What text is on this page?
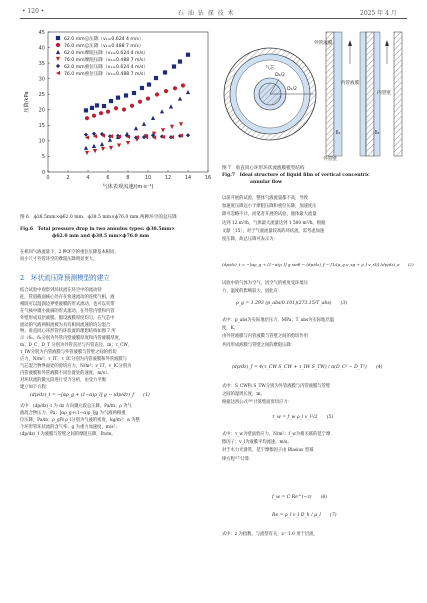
• 120 •	石 油 钻 探 技 术	2025 年 4 月
0	2	4	6	8	10	12	14	16
0
5
10
15
20
25
30
35
40
45
气体表观流速/(m·s⁻¹)
压降/kPa
62.0 mm总压降（v₁=0.624 4 m/s）
76.0 mm总压降（v₁=0.488 7 m/s）
62.0 mm摩阻压降（v₁=0.624 4 m/s）
76.0 mm摩阻压降（v₁=0.488 7 m/s）
62.0 mm重位压降（v₁=0.624 4 m/s）
76.0 mm重位压降（v₁=0.488 7 m/s）
图 6　ϕ38.5mm×ϕ62.0 mm、ϕ38.5 mm×ϕ76.0 mm 两种环空的总压降
Fig.6　Total pressure drop in two annulus types: ϕ38.5mm×
ϕ62.0 mm and ϕ38.5 mm×ϕ76.0 mm
在相同气液流量下，2 种环空的重位压降基本相同，
而小尺寸外管环空的摩阻压降明显更大。
2　环状流压降预测模型的建立
结合试验中观察到环状流在环空中的流动特
征，管道截面核心处存在快速流动的连续气相，液
相既可以湿润边界壁液膜的形式流动，也可以夹带
在气核中微小液滴的形式流动，在外管内壁和内管
外壁形成双层液膜。假设液膜厚度均匀，在气芯中
流动的气液两相流被为具有相同流速的均匀混合
物。垂直同心环形管内环状流的理想结构如图 7 所
示（δ₁、δ₂分别为外管内壁液膜厚度和内管液膜厚度，
m；D_C、D_T 分别为外管直径与内管直径，m；τ_CW、
τ_IW分别为内管液膜与外管液膜与管壁之间的剪切
应力，N/m²；τ_IT、τ_IC分别为内管液膜和外管液膜与
气芯混合物界面处的剪切应力，N/m²；v_IT、v_IC分别为
内管液膜和外管液膜不同位置处的速度，m/s）。
对环状流的微元段进行受力分析，由受力平衡
建立如下方程：
(dp/dz)_t = −[αρ_g + (1−α)ρ_l] g − (dp/dz)_f　　(1)
式中：(dp/dz)_t 为 dz 方向微元段总压降，Pa/m；ρ 为气
液混合物压力，Pa；[αρ_g+(1−α)ρ_l]g 为气液两相重
位压降，Pa/m；ρ_g和 ρ_l分别为气液的密度，kg/m³；α 为整
个环形管环状流的含气率；g 为重力加速度，m/s²；
(dp/dz)_f 为液膜与管壁之间的摩阻压降，Pa/m。
内管液膜
外管液膜
气芯
内管壁
外管壁
D₁/2
D₂/2
δ₁	δ₂
图 7　垂直同心环形环状流液膜模型结构
Fig.7　Ideal structure of liquid film of vertical concentric
annular flow
以前开展的试验，整体气液流量都不高，导致
加速度压降远小于摩阻压降和重位压降，加速度压
降可忽略不计。而笔者开展的试验，液体最大流量
达到 12 m³/h，气体最大流量达到 1 500 m³/h。根据
文献［15］，对于气液流量较高的环状流，需考虑加速
度压降，故总压降可表示为：
(dp/dz)_t = −[αρ_g + (1−α)ρ_l] g sinθ − (dp/dz)_f − [1/(ρ_g v_sg + ρ_l v_sl)] (dp/dz)_a　　(2)
试验中的气体为空气，因空气的密度受环境压
力、温度的影响较大，因此有：
ρ_g = 1.293 (p_abs/0.101)(273.15/T_abs)　　(3)
式中：p_abs为实际地层压力，MPa；T_abs为实际地层温
度，K。
由外管液膜与内管液膜与管壁之间的剪切作用
共同形成液膜与管壁之间的摩阻压降：
(dp/dz)_f = 4(τ_CW S_CW + τ_IW S_TW) / π(D_C² − D_T²)　　(4)
式中：S_CW和 S_TW分别为外管液膜与内管液膜与管壁
之间的湿周长度，m。
根据达西公式⁽¹⁶⁾计算壁面剪切应力：
τ_w = f_w ρ_l v_l²/2　　(5)
式中：τ_w为壁面剪应力，N/m²；f_w为相关联的范宁摩
擦因子；v_l为液膜平均流速，m/s。
对于水力光滑管，范宁摩擦因子由 Blasius 型幂
律方程⁽¹⁷⁾计算：
f_w = C Re^(−z)　　(6)
Re = ρ_l v_l D_h / μ_l　　(7)
式中：z 为指数，与流型有关，z＝1.0 用于层流，
